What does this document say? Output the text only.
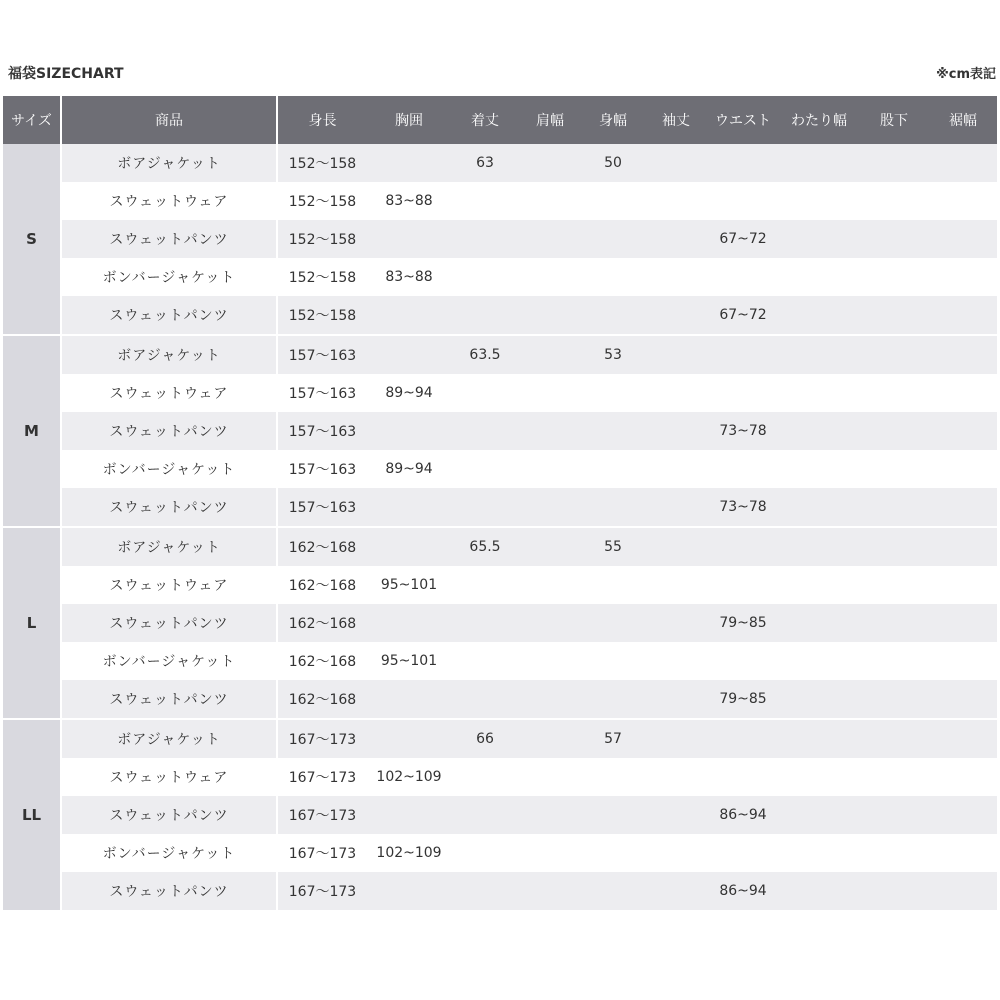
福袋SIZECHART	※cm表記
サイズ	商品	身長	胸囲	着丈	肩幅	身幅	袖丈	ウエスト	わたり幅	股下	裾幅
S	ボアジャケット	152～158		63		50					
	スウェットウェア	152～158	83~88								
	スウェットパンツ	152～158						67~72			
	ボンバージャケット	152～158	83~88								
	スウェットパンツ	152～158						67~72			
M	ボアジャケット	157～163		63.5		53					
	スウェットウェア	157～163	89~94								
	スウェットパンツ	157～163						73~78			
	ボンバージャケット	157～163	89~94								
	スウェットパンツ	157～163						73~78			
L	ボアジャケット	162～168		65.5		55					
	スウェットウェア	162～168	95~101								
	スウェットパンツ	162～168						79~85			
	ボンバージャケット	162～168	95~101								
	スウェットパンツ	162～168						79~85			
LL	ボアジャケット	167～173		66		57					
	スウェットウェア	167～173	102~109								
	スウェットパンツ	167～173						86~94			
	ボンバージャケット	167～173	102~109								
	スウェットパンツ	167～173						86~94			
